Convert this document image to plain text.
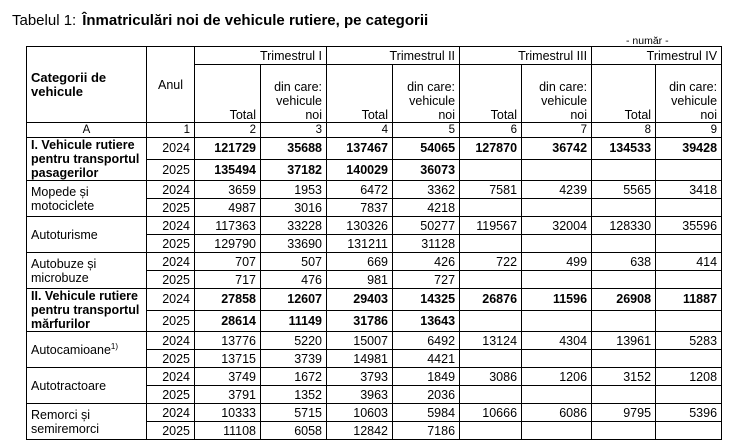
Tabelul 1: Înmatriculări noi de vehicule rutiere, pe categorii
- număr -
Categorii de vehicule	Anul	Trimestrul I		Trimestrul II		Trimestrul III		Trimestrul IV	
		Total	din care: vehicule noi	Total	din care: vehicule noi	Total	din care: vehicule noi	Total	din care: vehicule noi
A	1	2	3	4	5	6	7	8	9
I. Vehicule rutiere pentru transportul pasagerilor	2024	121729	35688	137467	54065	127870	36742	134533	39428
	2025	135494	37182	140029	36073				
Mopede și motociclete	2024	3659	1953	6472	3362	7581	4239	5565	3418
	2025	4987	3016	7837	4218				
Autoturisme	2024	117363	33228	130326	50277	119567	32004	128330	35596
	2025	129790	33690	131211	31128				
Autobuze și microbuze	2024	707	507	669	426	722	499	638	414
	2025	717	476	981	727				
II. Vehicule rutiere pentru transportul mărfurilor	2024	27858	12607	29403	14325	26876	11596	26908	11887
	2025	28614	11149	31786	13643				
Autocamioane$^{1)}$	2024	13776	5220	15007	6492	13124	4304	13961	5283
	2025	13715	3739	14981	4421				
Autotractoare	2024	3749	1672	3793	1849	3086	1206	3152	1208
	2025	3791	1352	3963	2036				
Remorci și semiremorci	2024	10333	5715	10603	5984	10666	6086	9795	5396
	2025	11108	6058	12842	7186				
